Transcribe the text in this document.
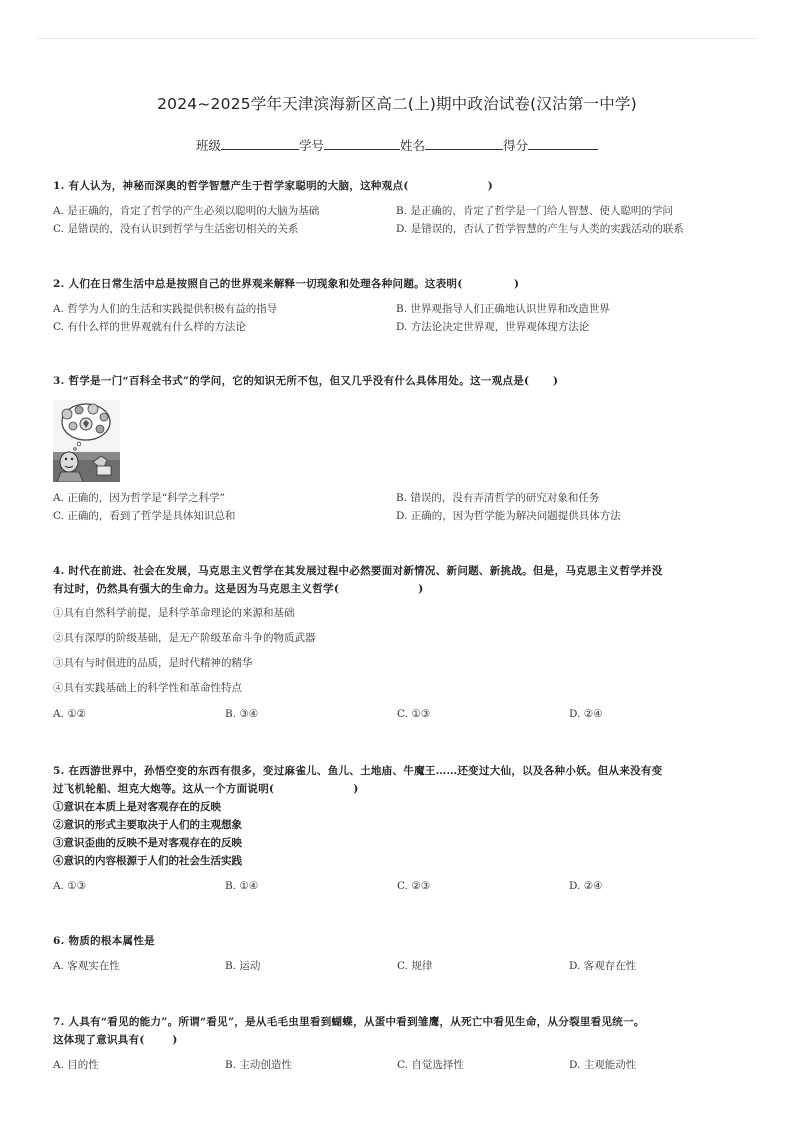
2024~2025学年天津滨海新区高二(上)期中政治试卷(汉沽第一中学)
班级	学号	姓名	得分
1. 有人认为，神秘而深奥的哲学智慧产生于哲学家聪明的大脑，这种观点(                    )
A. 是正确的，肯定了哲学的产生必须以聪明的大脑为基础	B. 是正确的，肯定了哲学是一门给人智慧、使人聪明的学问
C. 是错误的，没有认识到哲学与生活密切相关的关系	D. 是错误的，否认了哲学智慧的产生与人类的实践活动的联系
2. 人们在日常生活中总是按照自己的世界观来解释一切现象和处理各种问题。这表明(             )
A. 哲学为人们的生活和实践提供积极有益的指导	B. 世界观指导人们正确地认识世界和改造世界
C. 有什么样的世界观就有什么样的方法论	D. 方法论决定世界观，世界观体现方法论
3. 哲学是一门“百科全书式”的学问，它的知识无所不包，但又几乎没有什么具体用处。这一观点是(      )
A. 正确的，因为哲学是“科学之科学”	B. 错误的，没有弄清哲学的研究对象和任务
C. 正确的，看到了哲学是具体知识总和	D. 正确的，因为哲学能为解决问题提供具体方法
4. 时代在前进、社会在发展，马克思主义哲学在其发展过程中必然要面对新情况、新问题、新挑战。但是，马克思主义哲学并没
有过时，仍然具有强大的生命力。这是因为马克思主义哲学(                    )
①具有自然科学前提，是科学革命理论的来源和基础
②具有深厚的阶级基础，是无产阶级革命斗争的物质武器
③具有与时俱进的品质，是时代精神的精华
④具有实践基础上的科学性和革命性特点
A. ①②	B. ③④	C. ①③	D. ②④
5. 在西游世界中，孙悟空变的东西有很多，变过麻雀儿、鱼儿、土地庙、牛魔王……还变过大仙，以及各种小妖。但从来没有变
过飞机轮船、坦克大炮等。这从一个方面说明(                    )
①意识在本质上是对客观存在的反映
②意识的形式主要取决于人们的主观想象
③意识歪曲的反映不是对客观存在的反映
④意识的内容根源于人们的社会生活实践
A. ①③	B. ①④	C. ②③	D. ②④
6. 物质的根本属性是
A. 客观实在性	B. 运动	C. 规律	D. 客观存在性
7. 人具有“看见的能力”。所谓“看见”，是从毛毛虫里看到蝴蝶，从蛋中看到雏鹰，从死亡中看见生命，从分裂里看见统一。
这体现了意识具有(       )
A. 目的性	B. 主动创造性	C. 自觉选择性	D. 主观能动性
